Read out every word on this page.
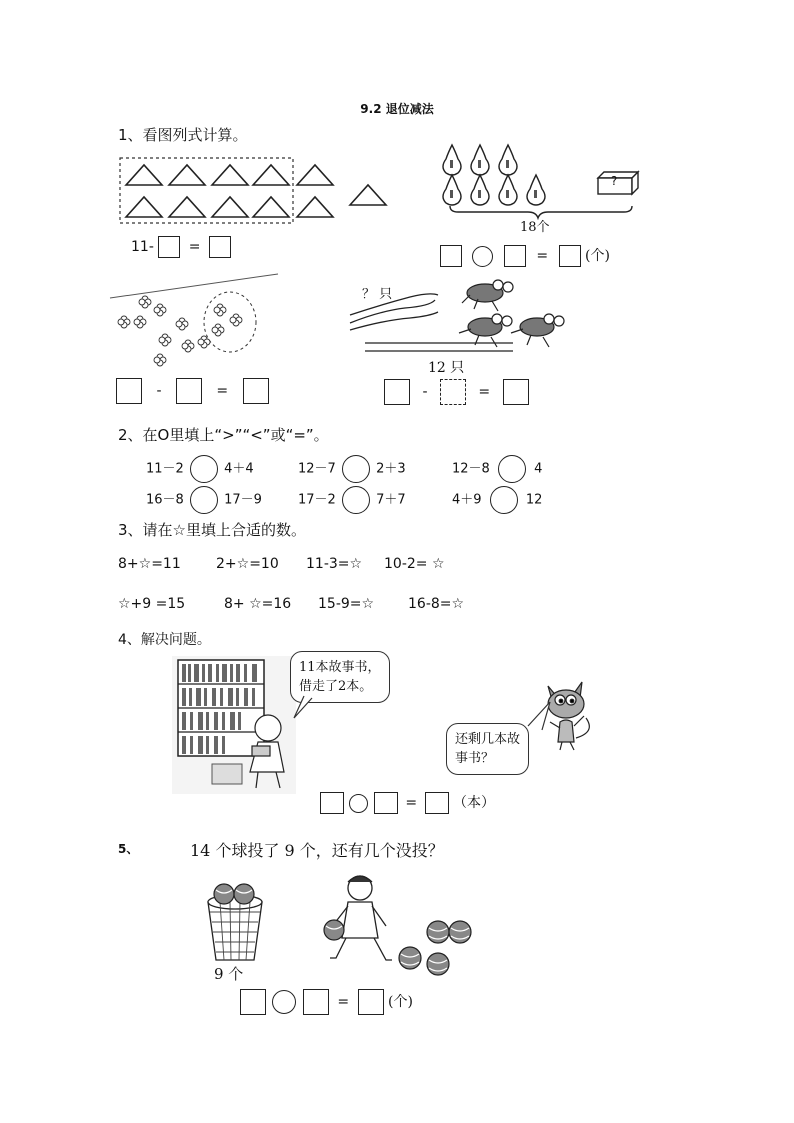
9.2 退位减法
1、看图列式计算。
11- =
?
18个
=	(个)
-	=
？ 只
12 只
-	=
2、在O里填上“>”“<”或“=”。
11－2	4＋4	12－7	2＋3	12－8	4
16－8	17－9	17－2	7＋7	4＋9	12
3、请在☆里填上合适的数。
8+☆=11	2+☆=10 11-3=☆ 10-2= ☆
☆+9 =15	8+ ☆=16 15-9=☆ 16-8=☆
4、解决问题。
11本故事书，
借走了2本。
还剩几本故
事书？
=	（本）
5、	14 个球投了 9 个，还有几个没投？
9 个
=	(个)
